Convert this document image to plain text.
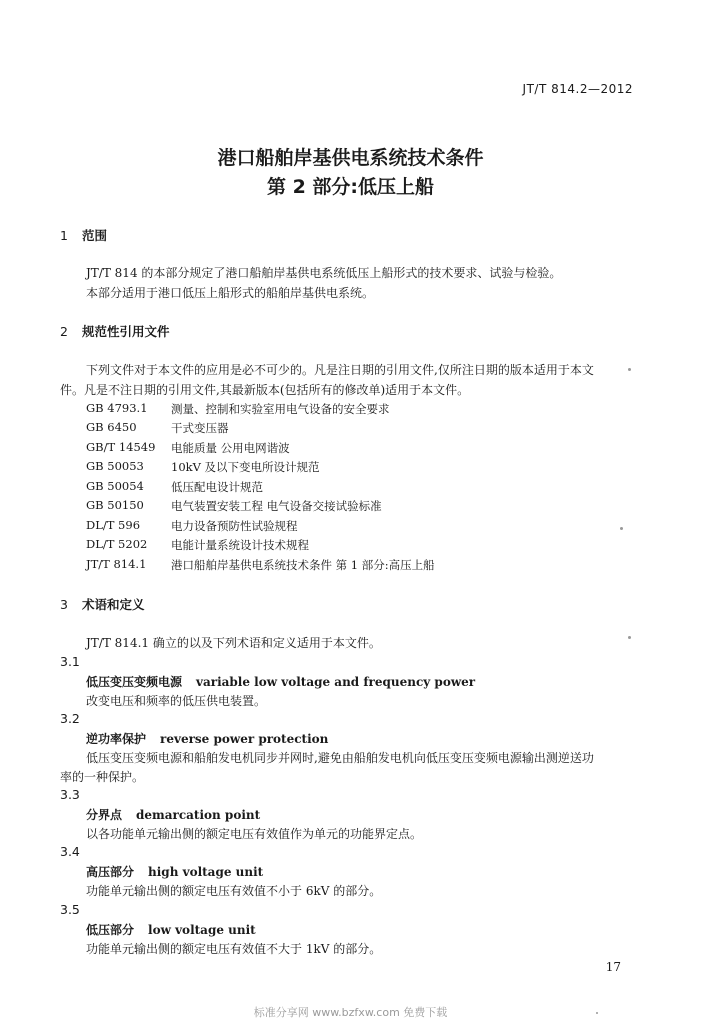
JT/T 814.2—2012
港口船舶岸基供电系统技术条件
第 2 部分:低压上船
1 范围
JT/T 814 的本部分规定了港口船舶岸基供电系统低压上船形式的技术要求、试验与检验。
本部分适用于港口低压上船形式的船舶岸基供电系统。
2 规范性引用文件
下列文件对于本文件的应用是必不可少的。凡是注日期的引用文件,仅所注日期的版本适用于本文
件。凡是不注日期的引用文件,其最新版本(包括所有的修改单)适用于本文件。
GB 4793.1 测量、控制和实验室用电气设备的安全要求
GB 6450	干式变压器
GB/T 14549 电能质量 公用电网谐波
GB 50053 10kV 及以下变电所设计规范
GB 50054 低压配电设计规范
GB 50150 电气装置安装工程 电气设备交接试验标准
DL/T 596	电力设备预防性试验规程
DL/T 5202 电能计量系统设计技术规程
JT/T 814.1 港口船舶岸基供电系统技术条件 第 1 部分:高压上船
3 术语和定义
JT/T 814.1 确立的以及下列术语和定义适用于本文件。
3.1
低压变压变频电源 variable low voltage and frequency power
改变电压和频率的低压供电装置。
3.2
逆功率保护 reverse power protection
低压变压变频电源和船舶发电机同步并网时,避免由船舶发电机向低压变压变频电源输出测逆送功
率的一种保护。
3.3
分界点 demarcation point
以各功能单元输出侧的额定电压有效值作为单元的功能界定点。
3.4
高压部分 high voltage unit
功能单元输出侧的额定电压有效值不小于 6kV 的部分。
3.5
低压部分 low voltage unit
功能单元输出侧的额定电压有效值不大于 1kV 的部分。
17
标准分享网 www.bzfxw.com 免费下载
